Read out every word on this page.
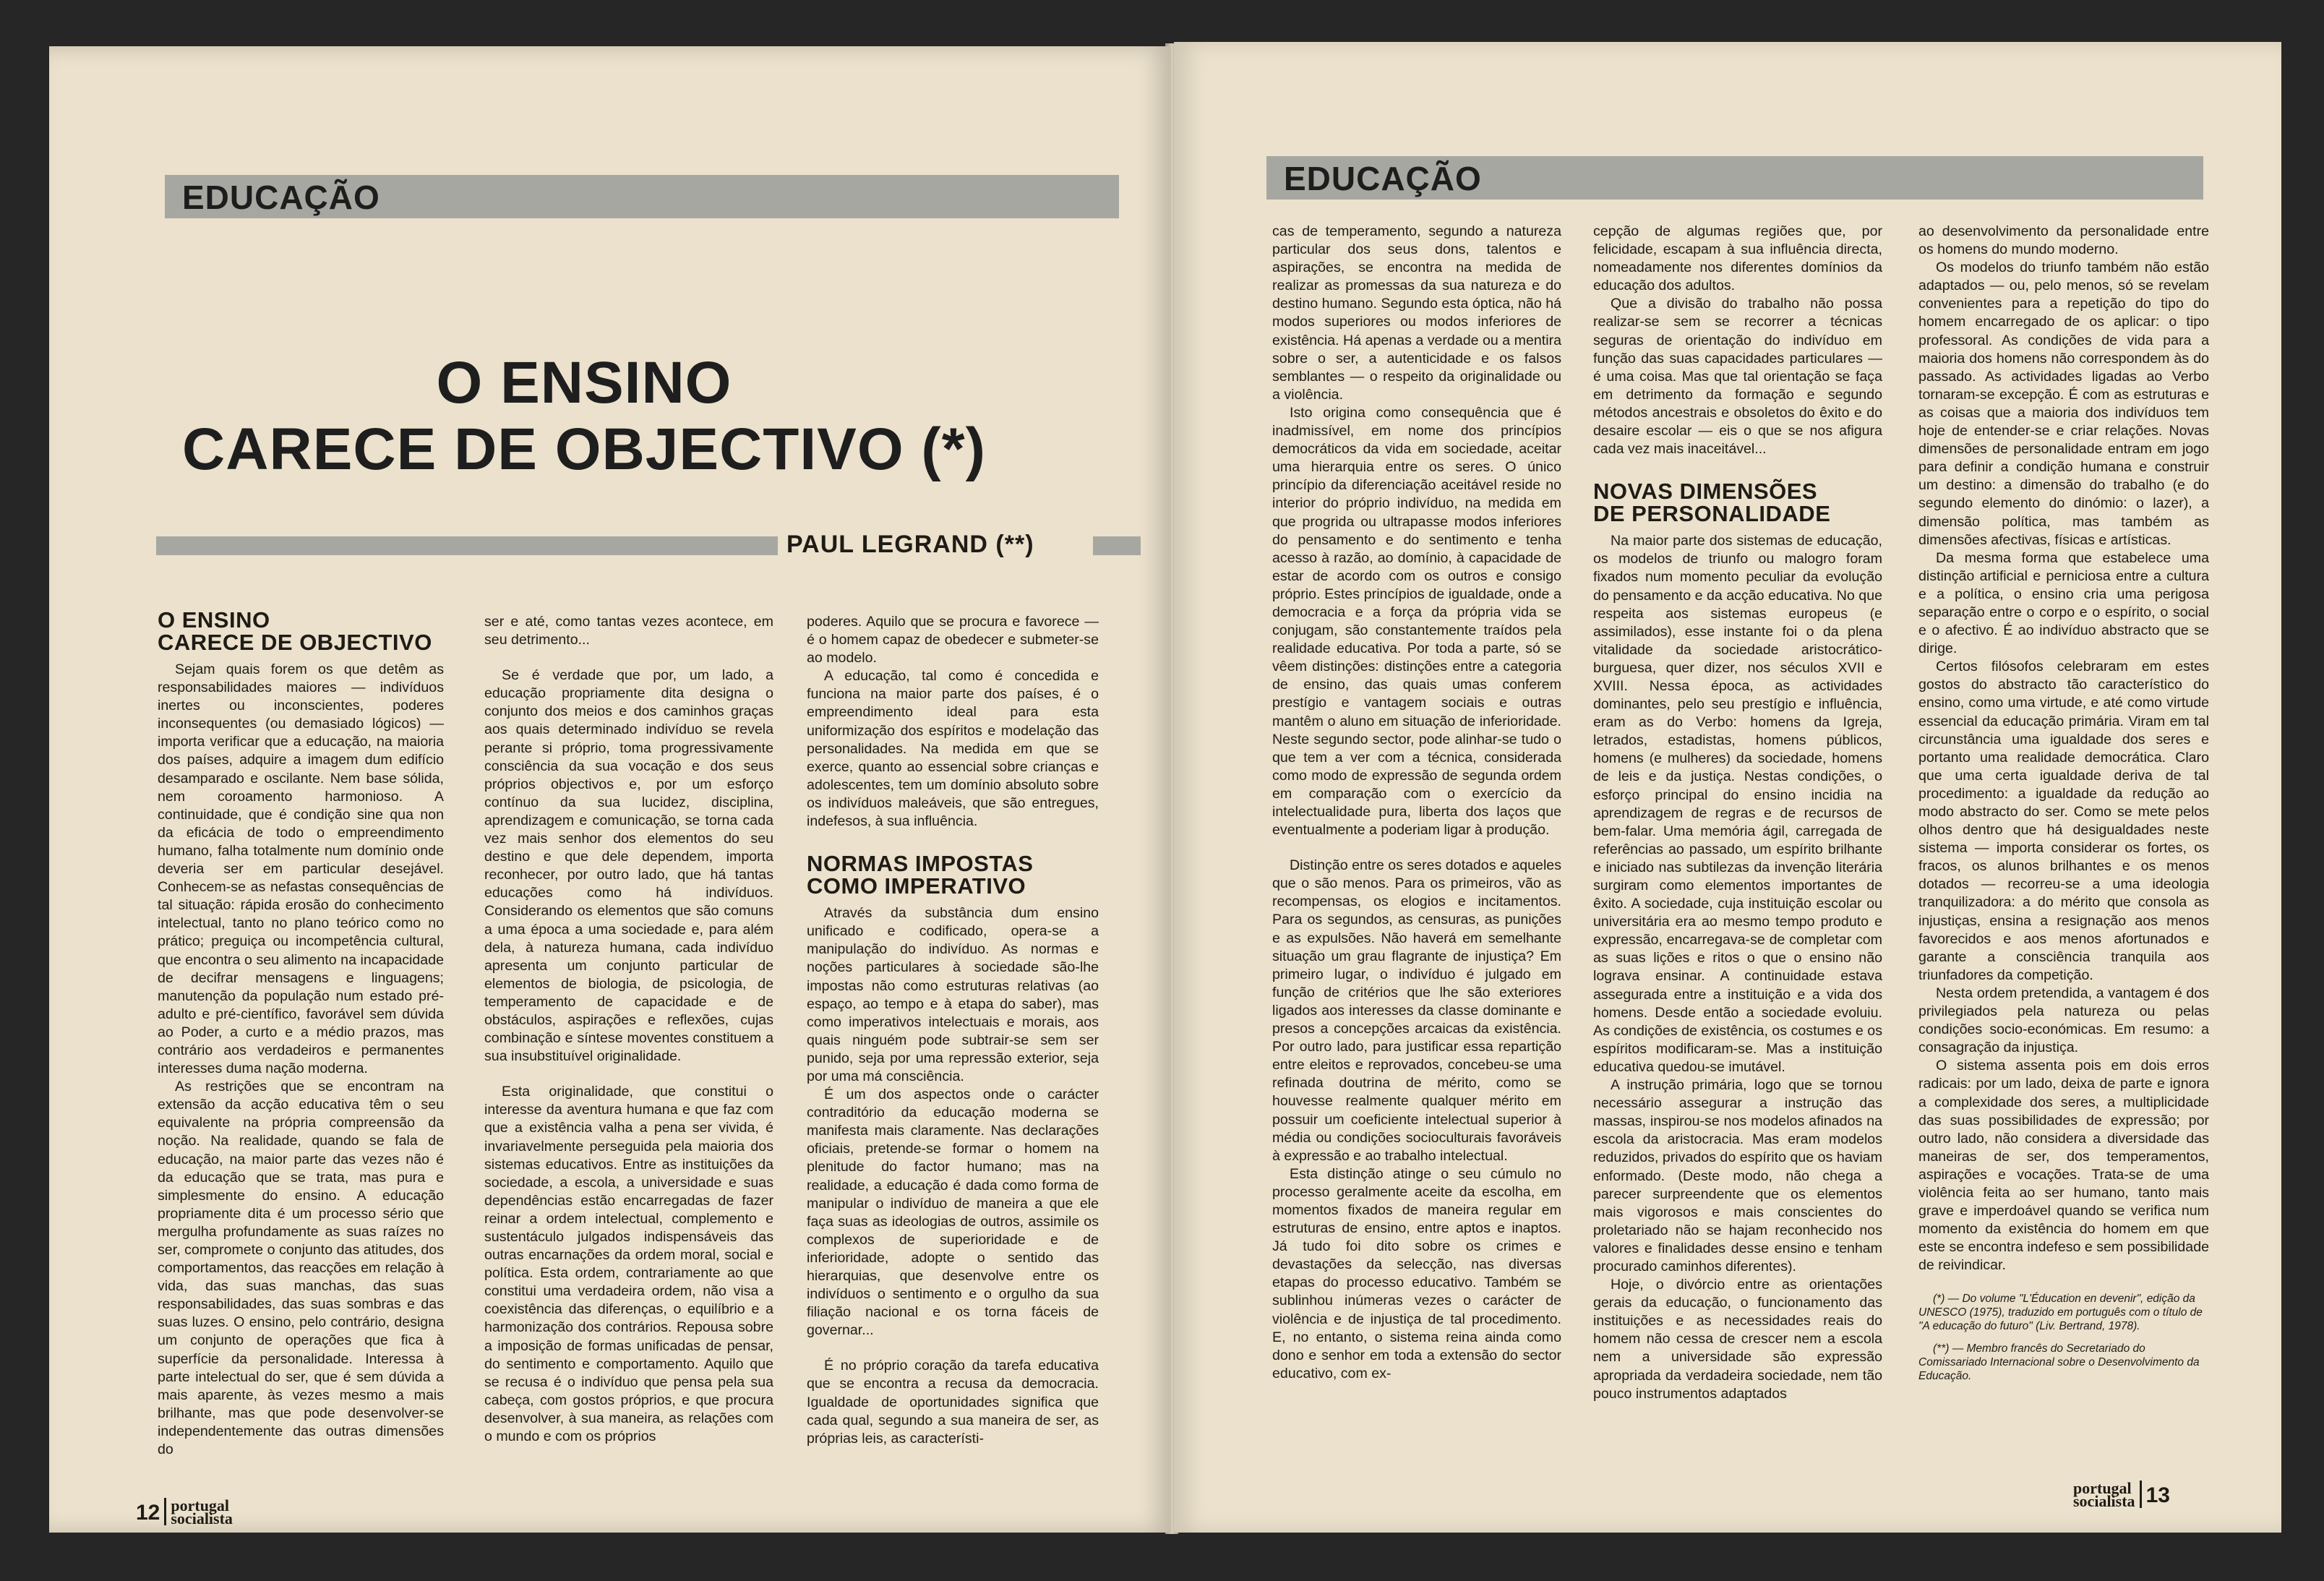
EDUCAÇÃO
O ENSINO
CARECE DE OBJECTIVO (*)
PAUL LEGRAND (**)
O ENSINO
CARECE DE OBJECTIVO

Sejam quais forem os que detêm as responsabilidades maiores — indivíduos inertes ou inconscientes, poderes inconsequentes (ou demasiado lógicos) — importa verificar que a educação, na maioria dos países, adquire a imagem dum edifício desamparado e oscilante. Nem base sólida, nem coroamento harmonioso. A continuidade, que é condição sine qua non da eficácia de todo o empreendimento humano, falha totalmente num domínio onde deveria ser em particular desejável. Conhecem-se as nefastas consequências de tal situação: rápida erosão do conhecimento intelectual, tanto no plano teórico como no prático; preguiça ou incompetência cultural, que encontra o seu alimento na incapacidade de decifrar mensagens e linguagens; manutenção da população num estado pré-adulto e pré-científico, favorável sem dúvida ao Poder, a curto e a médio prazos, mas contrário aos verdadeiros e permanentes interesses duma nação moderna.

As restrições que se encontram na extensão da acção educativa têm o seu equivalente na própria compreensão da noção. Na realidade, quando se fala de educação, na maior parte das vezes não é da educação que se trata, mas pura e simplesmente do ensino. A educação propriamente dita é um processo sério que mergulha profundamente as suas raízes no ser, compromete o conjunto das atitudes, dos comportamentos, das reacções em relação à vida, das suas manchas, das suas responsabilidades, das suas sombras e das suas luzes. O ensino, pelo contrário, designa um conjunto de operações que fica à superfície da personalidade. Interessa à parte intelectual do ser, que é sem dúvida a mais aparente, às vezes mesmo a mais brilhante, mas que pode desenvolver-se independentemente das outras dimensões do

ser e até, como tantas vezes acontece, em seu detrimento...

Se é verdade que por, um lado, a educação propriamente dita designa o conjunto dos meios e dos caminhos graças aos quais determinado indivíduo se revela perante si próprio, toma progressivamente consciência da sua vocação e dos seus próprios objectivos e, por um esforço contínuo da sua lucidez, disciplina, aprendizagem e comunicação, se torna cada vez mais senhor dos elementos do seu destino e que dele dependem, importa reconhecer, por outro lado, que há tantas educações como há indivíduos. Considerando os elementos que são comuns a uma época a uma sociedade e, para além dela, à natureza humana, cada indivíduo apresenta um conjunto particular de elementos de biologia, de psicologia, de temperamento de capacidade e de obstáculos, aspirações e reflexões, cujas combinação e síntese moventes constituem a sua insubstituível originalidade.

Esta originalidade, que constitui o interesse da aventura humana e que faz com que a existência valha a pena ser vivida, é invariavelmente perseguida pela maioria dos sistemas educativos. Entre as instituições da sociedade, a escola, a universidade e suas dependências estão encarregadas de fazer reinar a ordem intelectual, complemento e sustentáculo julgados indispensáveis das outras encarnações da ordem moral, social e política. Esta ordem, contrariamente ao que constitui uma verdadeira ordem, não visa a coexistência das diferenças, o equilíbrio e a harmonização dos contrários. Repousa sobre a imposição de formas unificadas de pensar, do sentimento e comportamento. Aquilo que se recusa é o indivíduo que pensa pela sua cabeça, com gostos próprios, e que procura desenvolver, à sua maneira, as relações com o mundo e com os próprios

poderes. Aquilo que se procura e favorece — é o homem capaz de obedecer e submeter-se ao modelo.

A educação, tal como é concedida e funciona na maior parte dos países, é o empreendimento ideal para esta uniformização dos espíritos e modelação das personalidades. Na medida em que se exerce, quanto ao essencial sobre crianças e adolescentes, tem um domínio absoluto sobre os indivíduos maleáveis, que são entregues, indefesos, à sua influência.

NORMAS IMPOSTAS
COMO IMPERATIVO

Através da substância dum ensino unificado e codificado, opera-se a manipulação do indivíduo. As normas e noções particulares à sociedade são-lhe impostas não como estruturas relativas (ao espaço, ao tempo e à etapa do saber), mas como imperativos intelectuais e morais, aos quais ninguém pode subtrair-se sem ser punido, seja por uma repressão exterior, seja por uma má consciência.

É um dos aspectos onde o carácter contraditório da educação moderna se manifesta mais claramente. Nas declarações oficiais, pretende-se formar o homem na plenitude do factor humano; mas na realidade, a educação é dada como forma de manipular o indivíduo de maneira a que ele faça suas as ideologias de outros, assimile os complexos de superioridade e de inferioridade, adopte o sentido das hierarquias, que desenvolve entre os indivíduos o sentimento e o orgulho da sua filiação nacional e os torna fáceis de governar...

É no próprio coração da tarefa educativa que se encontra a recusa da democracia. Igualdade de oportunidades significa que cada qual, segundo a sua maneira de ser, as próprias leis, as característi-

12 portugal
socialista
EDUCAÇÃO

cas de temperamento, segundo a natureza particular dos seus dons, talentos e aspirações, se encontra na medida de realizar as promessas da sua natureza e do destino humano. Segundo esta óptica, não há modos superiores ou modos inferiores de existência. Há apenas a verdade ou a mentira sobre o ser, a autenticidade e os falsos semblantes — o respeito da originalidade ou a violência.

Isto origina como consequência que é inadmissível, em nome dos princípios democráticos da vida em sociedade, aceitar uma hierarquia entre os seres. O único princípio da diferenciação aceitável reside no interior do próprio indivíduo, na medida em que progrida ou ultrapasse modos inferiores do pensamento e do sentimento e tenha acesso à razão, ao domínio, à capacidade de estar de acordo com os outros e consigo próprio. Estes princípios de igualdade, onde a democracia e a força da própria vida se conjugam, são constantemente traídos pela realidade educativa. Por toda a parte, só se vêem distinções: distinções entre a categoria de ensino, das quais umas conferem prestígio e vantagem sociais e outras mantêm o aluno em situação de inferioridade. Neste segundo sector, pode alinhar-se tudo o que tem a ver com a técnica, considerada como modo de expressão de segunda ordem em comparação com o exercício da intelectualidade pura, liberta dos laços que eventualmente a poderiam ligar à produção.

Distinção entre os seres dotados e aqueles que o são menos. Para os primeiros, vão as recompensas, os elogios e incitamentos. Para os segundos, as censuras, as punições e as expulsões. Não haverá em semelhante situação um grau flagrante de injustiça? Em primeiro lugar, o indivíduo é julgado em função de critérios que lhe são exteriores ligados aos interesses da classe dominante e presos a concepções arcaicas da existência. Por outro lado, para justificar essa repartição entre eleitos e reprovados, concebeu-se uma refinada doutrina de mérito, como se houvesse realmente qualquer mérito em possuir um coeficiente intelectual superior à média ou condições socioculturais favoráveis à expressão e ao trabalho intelectual.

Esta distinção atinge o seu cúmulo no processo geralmente aceite da escolha, em momentos fixados de maneira regular em estruturas de ensino, entre aptos e inaptos. Já tudo foi dito sobre os crimes e devastações da selecção, nas diversas etapas do processo educativo. Também se sublinhou inúmeras vezes o carácter de violência e de injustiça de tal procedimento. E, no entanto, o sistema reina ainda como dono e senhor em toda a extensão do sector educativo, com ex-

cepção de algumas regiões que, por felicidade, escapam à sua influência directa, nomeadamente nos diferentes domínios da educação dos adultos.

Que a divisão do trabalho não possa realizar-se sem se recorrer a técnicas seguras de orientação do indivíduo em função das suas capacidades particulares — é uma coisa. Mas que tal orientação se faça em detrimento da formação e segundo métodos ancestrais e obsoletos do êxito e do desaire escolar — eis o que se nos afigura cada vez mais inaceitável...

NOVAS DIMENSÕES
DE PERSONALIDADE

Na maior parte dos sistemas de educação, os modelos de triunfo ou malogro foram fixados num momento peculiar da evolução do pensamento e da acção educativa. No que respeita aos sistemas europeus (e assimilados), esse instante foi o da plena vitalidade da sociedade aristocrático-burguesa, quer dizer, nos séculos XVII e XVIII. Nessa época, as actividades dominantes, pelo seu prestígio e influência, eram as do Verbo: homens da Igreja, letrados, estadistas, homens públicos, homens (e mulheres) da sociedade, homens de leis e da justiça. Nestas condições, o esforço principal do ensino incidia na aprendizagem de regras e de recursos de bem-falar. Uma memória ágil, carregada de referências ao passado, um espírito brilhante e iniciado nas subtilezas da invenção literária surgiram como elementos importantes de êxito. A sociedade, cuja instituição escolar ou universitária era ao mesmo tempo produto e expressão, encarregava-se de completar com as suas lições e ritos o que o ensino não lograva ensinar. A continuidade estava assegurada entre a instituição e a vida dos homens. Desde então a sociedade evoluiu. As condições de existência, os costumes e os espíritos modificaram-se. Mas a instituição educativa quedou-se imutável.

A instrução primária, logo que se tornou necessário assegurar a instrução das massas, inspirou-se nos modelos afinados na escola da aristocracia. Mas eram modelos reduzidos, privados do espírito que os haviam enformado. (Deste modo, não chega a parecer surpreendente que os elementos mais vigorosos e mais conscientes do proletariado não se hajam reconhecido nos valores e finalidades desse ensino e tenham procurado caminhos diferentes).

Hoje, o divórcio entre as orientações gerais da educação, o funcionamento das instituições e as necessidades reais do homem não cessa de crescer nem a escola nem a universidade são expressão apropriada da verdadeira sociedade, nem tão pouco instrumentos adaptados

ao desenvolvimento da personalidade entre os homens do mundo moderno.

Os modelos do triunfo também não estão adaptados — ou, pelo menos, só se revelam convenientes para a repetição do tipo do homem encarregado de os aplicar: o tipo professoral. As condições de vida para a maioria dos homens não correspondem às do passado. As actividades ligadas ao Verbo tornaram-se excepção. É com as estruturas e as coisas que a maioria dos indivíduos tem hoje de entender-se e criar relações. Novas dimensões de personalidade entram em jogo para definir a condição humana e construir um destino: a dimensão do trabalho (e do segundo elemento do dinómio: o lazer), a dimensão política, mas também as dimensões afectivas, físicas e artísticas.

Da mesma forma que estabelece uma distinção artificial e perniciosa entre a cultura e a política, o ensino cria uma perigosa separação entre o corpo e o espírito, o social e o afectivo. É ao indivíduo abstracto que se dirige.

Certos filósofos celebraram em estes gostos do abstracto tão característico do ensino, como uma virtude, e até como virtude essencial da educação primária. Viram em tal circunstância uma igualdade dos seres e portanto uma realidade democrática. Claro que uma certa igualdade deriva de tal procedimento: a igualdade da redução ao modo abstracto do ser. Como se mete pelos olhos dentro que há desigualdades neste sistema — importa considerar os fortes, os fracos, os alunos brilhantes e os menos dotados — recorreu-se a uma ideologia tranquilizadora: a do mérito que consola as injustiças, ensina a resignação aos menos favorecidos e aos menos afortunados e garante a consciência tranquila aos triunfadores da competição.

Nesta ordem pretendida, a vantagem é dos privilegiados pela natureza ou pelas condições socio-económicas. Em resumo: a consagração da injustiça.

O sistema assenta pois em dois erros radicais: por um lado, deixa de parte e ignora a complexidade dos seres, a multiplicidade das suas possibilidades de expressão; por outro lado, não considera a diversidade das maneiras de ser, dos temperamentos, aspirações e vocações. Trata-se de uma violência feita ao ser humano, tanto mais grave e imperdoável quando se verifica num momento da existência do homem em que este se encontra indefeso e sem possibilidade de reivindicar.

(*) — Do volume "L'Éducation en devenir", edição da UNESCO (1975), traduzido em português com o título de "A educação do futuro" (Liv. Bertrand, 1978).

(**) — Membro francês do Secretariado do Comissariado Internacional sobre o Desenvolvimento da Educação.

portugal
socialista 13
